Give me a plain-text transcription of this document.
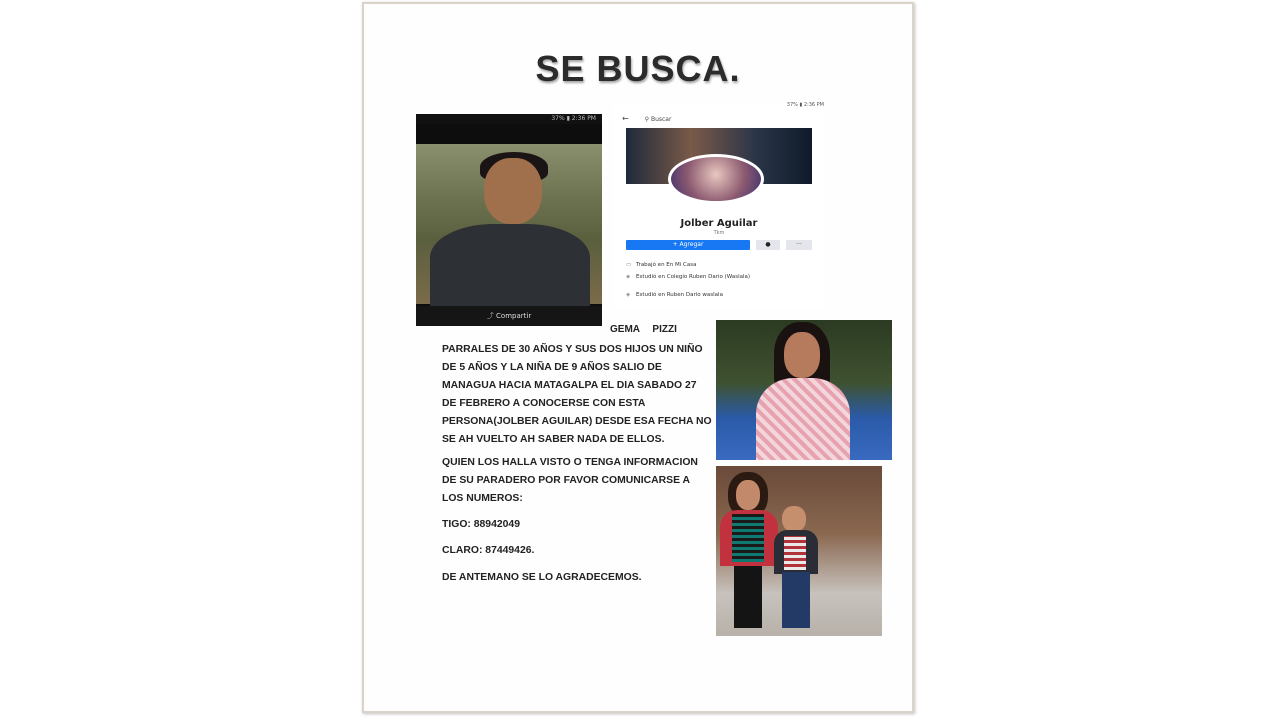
SE BUSCA.
37% ▮ 2:36 PM
⤴ Compartir
37% ▮ 2:36 PM
←	⚲ Buscar
Jolber Aguilar
Tkm
+ Agregar	●	···
▭ Trabajó en En Mi Casa
◈ Estudió en Colegio Ruben Dario (Waslala)
◈ Estudió en Ruben Dario waslala
GEMA PIZZI
PARRALES DE 30 AÑOS Y SUS DOS HIJOS UN NIÑO DE 5 AÑOS Y LA NIÑA DE 9 AÑOS SALIO DE MANAGUA HACIA MATAGALPA EL DIA SABADO 27 DE FEBRERO A CONOCERSE CON ESTA PERSONA(JOLBER AGUILAR) DESDE ESA FECHA NO SE AH VUELTO AH SABER NADA DE ELLOS.
QUIEN LOS HALLA VISTO O TENGA INFORMACION DE SU PARADERO POR FAVOR COMUNICARSE A LOS NUMEROS:
TIGO: 88942049
CLARO: 87449426.
DE ANTEMANO SE LO AGRADECEMOS.
